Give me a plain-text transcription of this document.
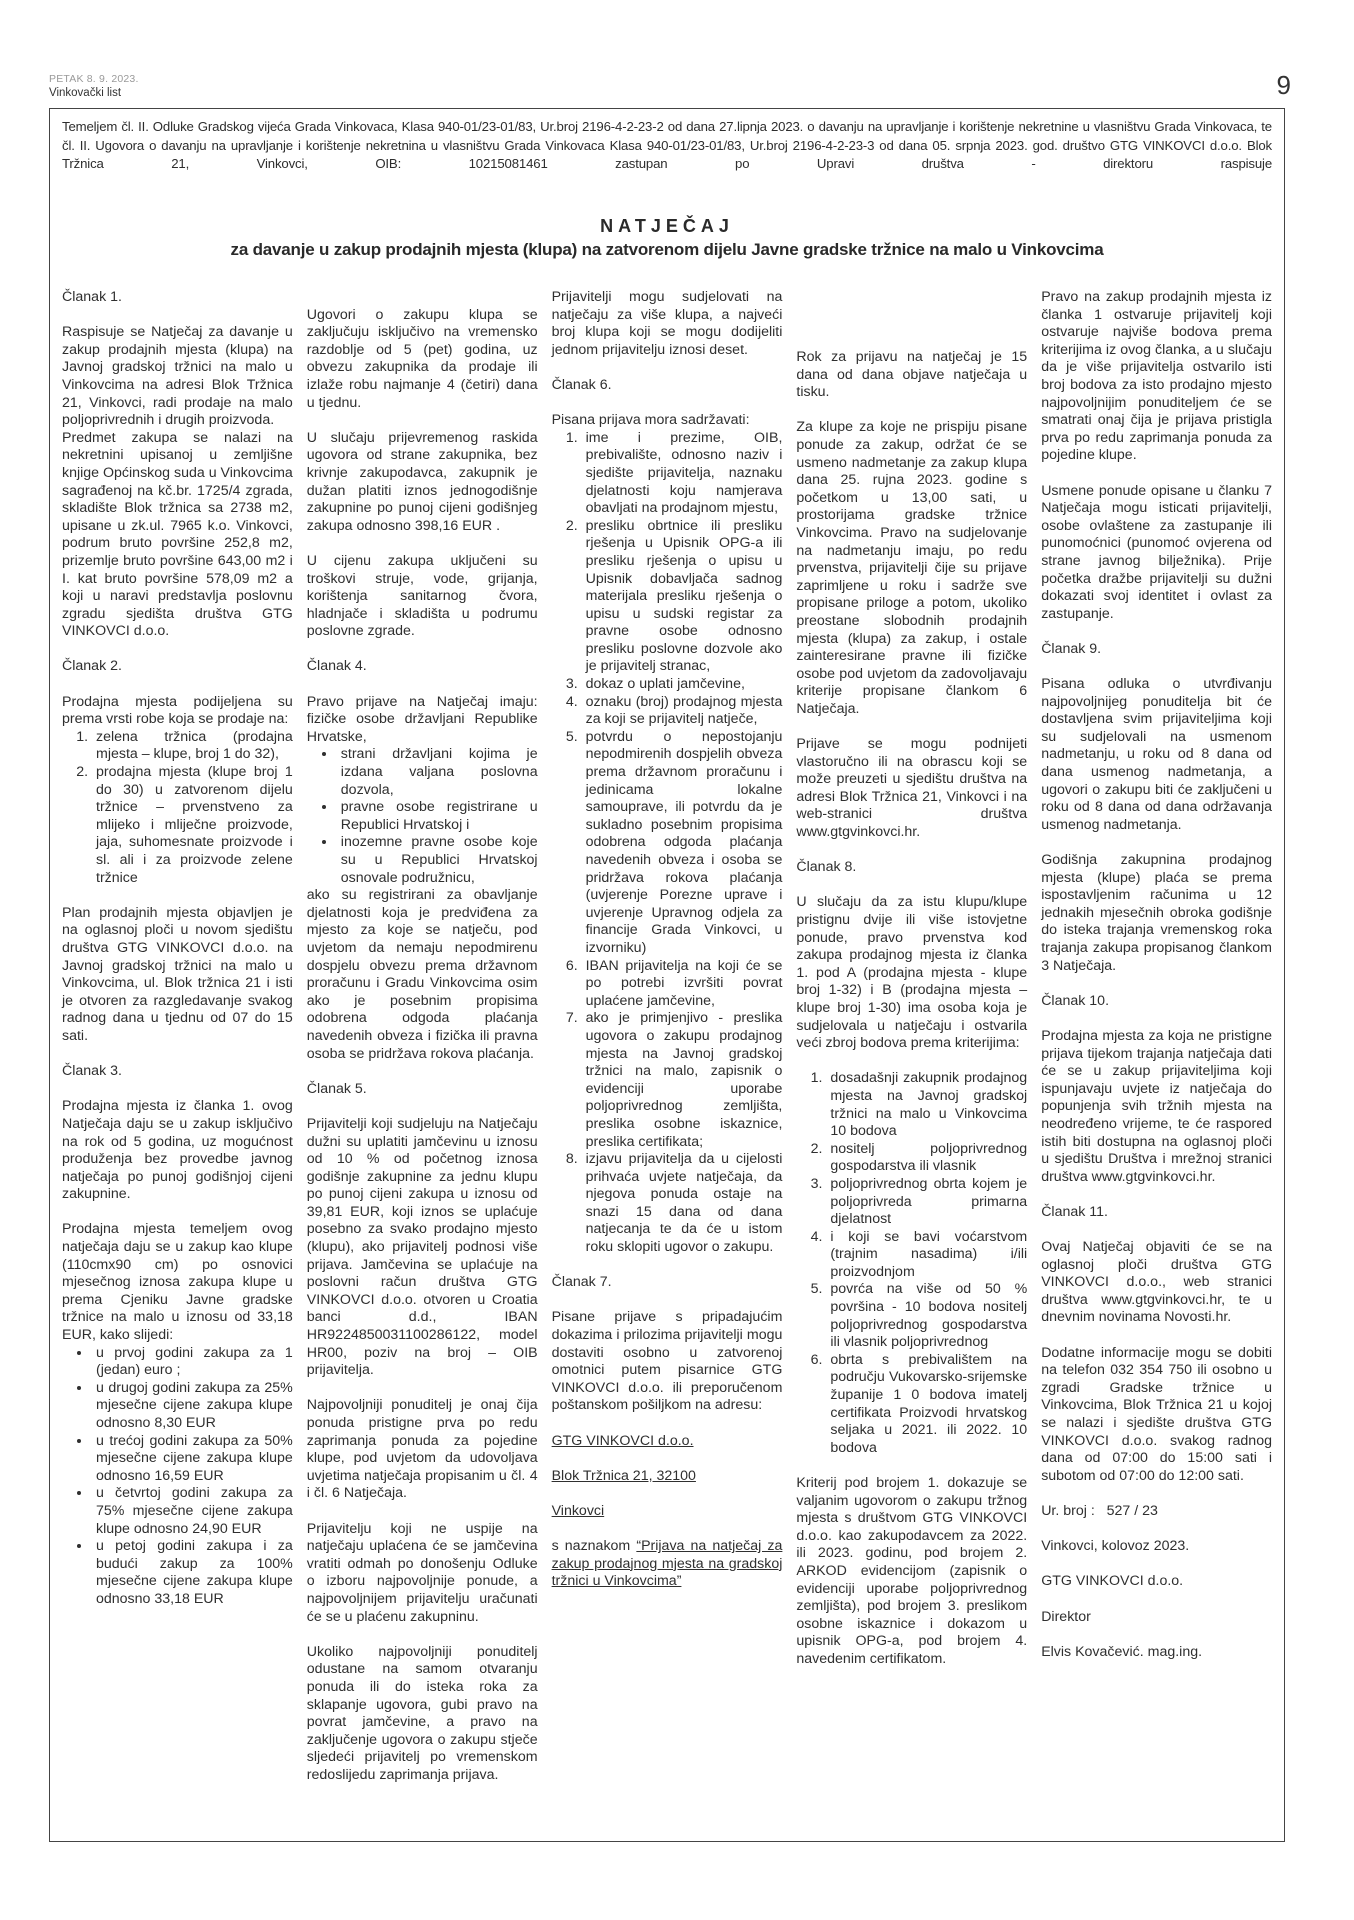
PETAK 8. 9. 2023.
Vinkovački list	9

Temeljem čl. II. Odluke Gradskog vijeća Grada Vinkovaca, Klasa 940-01/23-01/83, Ur.broj 2196-4-2-23-2 od dana 27.lipnja 2023. o davanju na upravljanje i korištenje nekretnine u vlasništvu Grada Vinkovaca, te čl. II. Ugovora o davanju na upravljanje i korištenje nekretnina u vlasništvu Grada Vinkovaca Klasa 940-01/23-01/83, Ur.broj 2196-4-2-23-3 od dana 05. srpnja 2023. god. društvo GTG VINKOVCI d.o.o. Blok Tržnica 21, Vinkovci, OIB: 10215081461 zastupan po Upravi društva - direktoru raspisuje

NATJEČAJ
za davanje u zakup prodajnih mjesta (klupa) na zatvorenom dijelu Javne gradske tržnice na malo u Vinkovcima

Članak 1.

Raspisuje se Natječaj za davanje u zakup prodajnih mjesta (klupa) na Javnoj gradskoj tržnici na malo u Vinkovcima na adresi Blok Tržnica 21, Vinkovci, radi prodaje na malo poljoprivrednih i drugih proizvoda.

Predmet zakupa se nalazi na nekretnini upisanoj u zemljišne knjige Općinskog suda u Vinkovcima sagrađenoj na kč.br. 1725/4 zgrada, skladište Blok tržnica sa 2738 m2, upisane u zk.ul. 7965 k.o. Vinkovci, podrum bruto površine 252,8 m2, prizemlje bruto površine 643,00 m2 i I. kat bruto površine 578,09 m2 a koji u naravi predstavlja poslovnu zgradu sjedišta društva GTG VINKOVCI d.o.o.

Članak 2.

Prodajna mjesta podijeljena su prema vrsti robe koja se prodaje na:

1. zelena tržnica (prodajna mjesta – klupe, broj 1 do 32),
2. prodajna mjesta (klupe broj 1 do 30) u zatvorenom dijelu tržnice – prvenstveno za mlijeko i mliječne proizvode, jaja, suhomesnate proizvode i sl. ali i za proizvode zelene tržnice

Plan prodajnih mjesta objavljen je na oglasnoj ploči u novom sjedištu društva GTG VINKOVCI d.o.o. na Javnoj gradskoj tržnici na malo u Vinkovcima, ul. Blok tržnica 21 i isti je otvoren za razgledavanje svakog radnog dana u tjednu od 07 do 15 sati.

Članak 3.

Prodajna mjesta iz članka 1. ovog Natječaja daju se u zakup isključivo na rok od 5 godina, uz mogućnost produženja bez provedbe javnog natječaja po punoj godišnjoj cijeni zakupnine.

Prodajna mjesta temeljem ovog natječaja daju se u zakup kao klupe (110cmx90 cm) po osnovici mjesečnog iznosa zakupa klupe u prema Cjeniku Javne gradske tržnice na malo u iznosu od 33,18 EUR, kako slijedi:

• u prvoj godini zakupa za 1 (jedan) euro ;
• u drugoj godini zakupa za 25% mjesečne cijene zakupa klupe odnosno 8,30 EUR
• u trećoj godini zakupa za 50% mjesečne cijene zakupa klupe odnosno 16,59 EUR
• u četvrtoj godini zakupa za 75% mjesečne cijene zakupa klupe odnosno 24,90 EUR
• u petoj godini zakupa i za budući zakup za 100% mjesečne cijene zakupa klupe odnosno 33,18 EUR

Ugovori o zakupu klupa se zaključuju isključivo na vremensko razdoblje od 5 (pet) godina, uz obvezu zakupnika da prodaje ili izlaže robu najmanje 4 (četiri) dana u tjednu.

U slučaju prijevremenog raskida ugovora od strane zakupnika, bez krivnje zakupodavca, zakupnik je dužan platiti iznos jednogodišnje zakupnine po punoj cijeni godišnjeg zakupa odnosno 398,16 EUR .

U cijenu zakupa uključeni su troškovi struje, vode, grijanja, korištenja sanitarnog čvora, hladnjače i skladišta u podrumu poslovne zgrade.

Članak 4.

Pravo prijave na Natječaj imaju: fizičke osobe državljani Republike Hrvatske,

• strani državljani kojima je izdana valjana poslovna dozvola,
• pravne osobe registrirane u Republici Hrvatskoj i
• inozemne pravne osobe koje su u Republici Hrvatskoj osnovale podružnicu,

ako su registrirani za obavljanje djelatnosti koja je predviđena za mjesto za koje se natječu, pod uvjetom da nemaju nepodmirenu dospjelu obvezu prema državnom proračunu i Gradu Vinkovcima osim ako je posebnim propisima odobrena odgoda plaćanja navedenih obveza i fizička ili pravna osoba se pridržava rokova plaćanja.

Članak 5.

Prijavitelji koji sudjeluju na Natječaju dužni su uplatiti jamčevinu u iznosu od 10 % od početnog iznosa godišnje zakupnine za jednu klupu po punoj cijeni zakupa u iznosu od 39,81 EUR, koji iznos se uplaćuje posebno za svako prodajno mjesto (klupu), ako prijavitelj podnosi više prijava. Jamčevina se uplaćuje na poslovni račun društva GTG VINKOVCI d.o.o. otvoren u Croatia banci d.d., IBAN HR9224850031100286122, model HR00, poziv na broj – OIB prijavitelja.

Najpovoljniji ponuditelj je onaj čija ponuda pristigne prva po redu zaprimanja ponuda za pojedine klupe, pod uvjetom da udovoljava uvjetima natječaja propisanim u čl. 4 i čl. 6 Natječaja.

Prijavitelju koji ne uspije na natječaju uplaćena će se jamčevina vratiti odmah po donošenju Odluke o izboru najpovoljnije ponude, a najpovoljnijem prijavitelju uračunati će se u plaćenu zakupninu.

Ukoliko najpovoljniji ponuditelj odustane na samom otvaranju ponuda ili do isteka roka za sklapanje ugovora, gubi pravo na povrat jamčevine, a pravo na zaključenje ugovora o zakupu stječe sljedeći prijavitelj po vremenskom redoslijedu zaprimanja prijava.

Prijavitelji mogu sudjelovati na natječaju za više klupa, a najveći broj klupa koji se mogu dodijeliti jednom prijavitelju iznosi deset.

Članak 6.

Pisana prijava mora sadržavati:

1. ime i prezime, OIB, prebivalište, odnosno naziv i sjedište prijavitelja, naznaku djelatnosti koju namjerava obavljati na prodajnom mjestu,
2. presliku obrtnice ili presliku rješenja u Upisnik OPG-a ili presliku rješenja o upisu u Upisnik dobavljača sadnog materijala presliku rješenja o upisu u sudski registar za pravne osobe odnosno presliku poslovne dozvole ako je prijavitelj stranac,
3. dokaz o uplati jamčevine,
4. oznaku (broj) prodajnog mjesta za koji se prijavitelj natječe,
5. potvrdu o nepostojanju nepodmirenih dospjelih obveza prema državnom proračunu i jedinicama lokalne samouprave, ili potvrdu da je sukladno posebnim propisima odobrena odgoda plaćanja navedenih obveza i osoba se pridržava rokova plaćanja (uvjerenje Porezne uprave i uvjerenje Upravnog odjela za financije Grada Vinkovci, u izvorniku)
6. IBAN prijavitelja na koji će se po potrebi izvršiti povrat uplaćene jamčevine,
7. ako je primjenjivo - preslika ugovora o zakupu prodajnog mjesta na Javnoj gradskoj tržnici na malo, zapisnik o evidenciji uporabe poljoprivrednog zemljišta, preslika osobne iskaznice, preslika certifikata;
8. izjavu prijavitelja da u cijelosti prihvaća uvjete natječaja, da njegova ponuda ostaje na snazi 15 dana od dana natjecanja te da će u istom roku sklopiti ugovor o zakupu.

Članak 7.

Pisane prijave s pripadajućim dokazima i prilozima prijavitelji mogu dostaviti osobno u zatvorenoj omotnici putem pisarnice GTG VINKOVCI d.o.o. ili preporučenom poštanskom pošiljkom na adresu:

GTG VINKOVCI d.o.o.

Blok Tržnica 21, 32100

Vinkovci

s naznakom “Prijava na natječaj za zakup prodajnog mjesta na gradskoj tržnici u Vinkovcima”

Rok za prijavu na natječaj je 15 dana od dana objave natječaja u tisku.

Za klupe za koje ne prispiju pisane ponude za zakup, održat će se usmeno nadmetanje za zakup klupa dana 25. rujna 2023. godine s početkom u 13,00 sati, u prostorijama gradske tržnice Vinkovcima. Pravo na sudjelovanje na nadmetanju imaju, po redu prvenstva, prijavitelji čije su prijave zaprimljene u roku i sadrže sve propisane priloge a potom, ukoliko preostane slobodnih prodajnih mjesta (klupa) za zakup, i ostale zainteresirane pravne ili fizičke osobe pod uvjetom da zadovoljavaju kriterije propisane člankom 6 Natječaja.

Prijave se mogu podnijeti vlastoručno ili na obrascu koji se može preuzeti u sjedištu društva na adresi Blok Tržnica 21, Vinkovci i na web-stranici društva www.gtgvinkovci.hr.

Članak 8.

U slučaju da za istu klupu/klupe pristignu dvije ili više istovjetne ponude, pravo prvenstva kod zakupa prodajnog mjesta iz članka 1. pod A (prodajna mjesta - klupe broj 1-32) i B (prodajna mjesta – klupe broj 1-30) ima osoba koja je sudjelovala u natječaju i ostvarila veći zbroj bodova prema kriterijima:

1. dosadašnji zakupnik prodajnog mjesta na Javnoj gradskoj tržnici na malo u Vinkovcima 10 bodova
2. nositelj poljoprivrednog gospodarstva ili vlasnik
3. poljoprivrednog obrta kojem je poljoprivreda primarna djelatnost
4. i koji se bavi voćarstvom (trajnim nasadima) i/ili proizvodnjom
5. povrća na više od 50 % površina - 10 bodova nositelj poljoprivrednog gospodarstva ili vlasnik poljoprivrednog
6. obrta s prebivalištem na području Vukovarsko-srijemske županije 1 0 bodova imatelj certifikata Proizvodi hrvatskog seljaka u 2021. ili 2022. 10 bodova

Kriterij pod brojem 1. dokazuje se valjanim ugovorom o zakupu tržnog mjesta s društvom GTG VINKOVCI d.o.o. kao zakupodavcem za 2022. ili 2023. godinu, pod brojem 2. ARKOD evidencijom (zapisnik o evidenciji uporabe poljoprivrednog zemljišta), pod brojem 3. preslikom osobne iskaznice i dokazom u upisnik OPG-a, pod brojem 4. navedenim certifikatom.

Pravo na zakup prodajnih mjesta iz članka 1 ostvaruje prijavitelj koji ostvaruje najviše bodova prema kriterijima iz ovog članka, a u slučaju da je više prijavitelja ostvarilo isti broj bodova za isto prodajno mjesto najpovoljnijim ponuditeljem će se smatrati onaj čija je prijava pristigla prva po redu zaprimanja ponuda za pojedine klupe.

Usmene ponude opisane u članku 7 Natječaja mogu isticati prijavitelji, osobe ovlaštene za zastupanje ili punomoćnici (punomoć ovjerena od strane javnog bilježnika). Prije početka dražbe prijavitelji su dužni dokazati svoj identitet i ovlast za zastupanje.

Članak 9.

Pisana odluka o utvrđivanju najpovoljnijeg ponuditelja bit će dostavljena svim prijaviteljima koji su sudjelovali na usmenom nadmetanju, u roku od 8 dana od dana usmenog nadmetanja, a ugovori o zakupu biti će zaključeni u roku od 8 dana od dana održavanja usmenog nadmetanja.

Godišnja zakupnina prodajnog mjesta (klupe) plaća se prema ispostavljenim računima u 12 jednakih mjesečnih obroka godišnje do isteka trajanja vremenskog roka trajanja zakupa propisanog člankom 3 Natječaja.

Članak 10.

Prodajna mjesta za koja ne pristigne prijava tijekom trajanja natječaja dati će se u zakup prijaviteljima koji ispunjavaju uvjete iz natječaja do popunjenja svih tržnih mjesta na neodređeno vrijeme, te će raspored istih biti dostupna na oglasnoj ploči u sjedištu Društva i mrežnoj stranici društva www.gtgvinkovci.hr.

Članak 11.

Ovaj Natječaj objaviti će se na oglasnoj ploči društva GTG VINKOVCI d.o.o., web stranici društva www.gtgvinkovci.hr, te u dnevnim novinama Novosti.hr.

Dodatne informacije mogu se dobiti na telefon 032 354 750 ili osobno u zgradi Gradske tržnice u Vinkovcima, Blok Tržnica 21 u kojoj se nalazi i sjedište društva GTG VINKOVCI d.o.o. svakog radnog dana od 07:00 do 15:00 sati i subotom od 07:00 do 12:00 sati.

Ur. broj :   527 / 23

Vinkovci, kolovoz 2023.

GTG VINKOVCI d.o.o.

Direktor

Elvis Kovačević. mag.ing.
